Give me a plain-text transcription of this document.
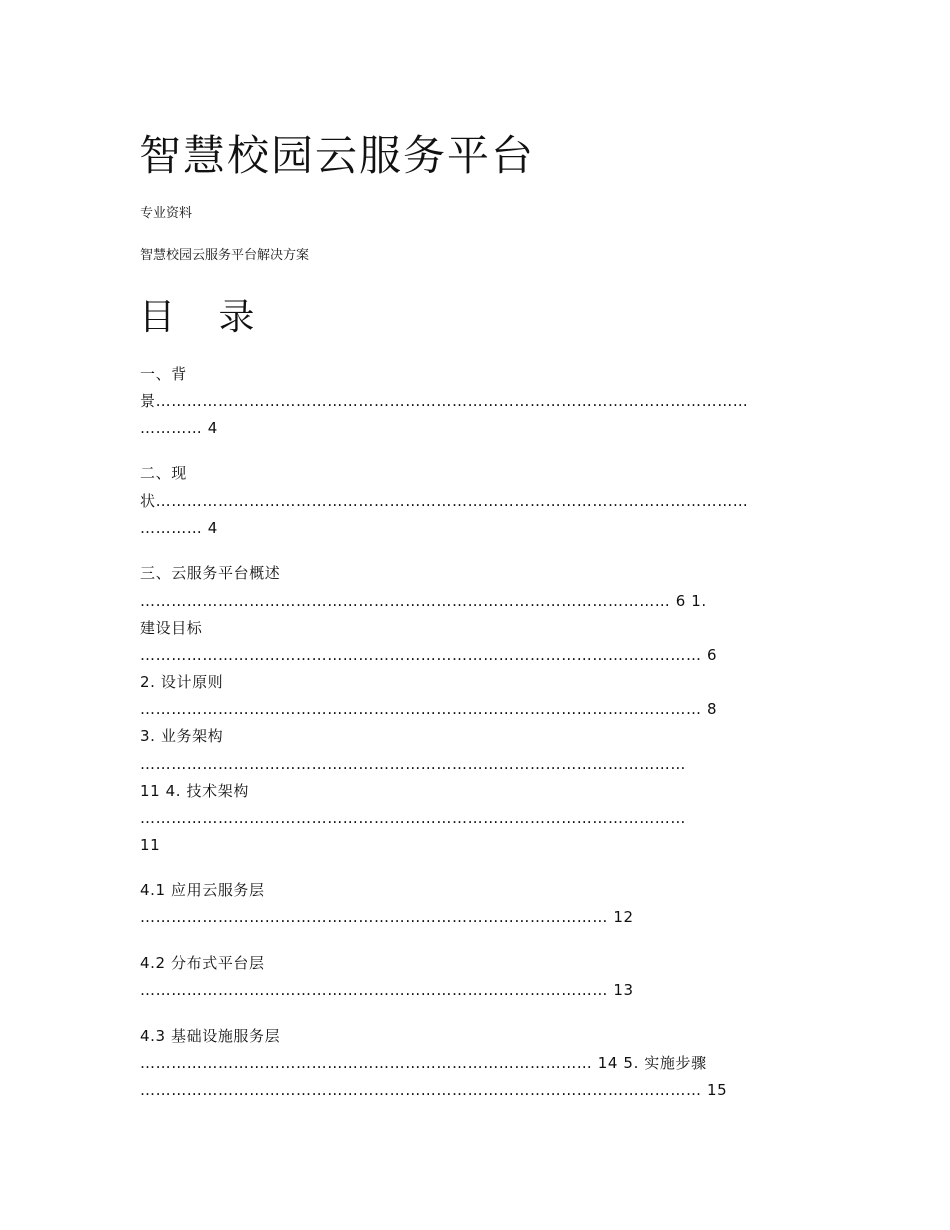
智慧校园云服务平台
专业资料
智慧校园云服务平台解决方案
目 录
一、背
景……………………………………………………………………………………………………
………… 4
二、现
状……………………………………………………………………………………………………
………… 4
三、云服务平台概述
………………………………………………………………………………………… 6 1.
建设目标
……………………………………………………………………………………………… 6
2. 设计原则
……………………………………………………………………………………………… 8
3. 业务架构
……………………………………………………………………………………………
11 4. 技术架构
……………………………………………………………………………………………
11
4.1 应用云服务层
……………………………………………………………………………… 12
4.2 分布式平台层
……………………………………………………………………………… 13
4.3 基础设施服务层
…………………………………………………………………………… 14 5. 实施步骤
……………………………………………………………………………………………… 15
